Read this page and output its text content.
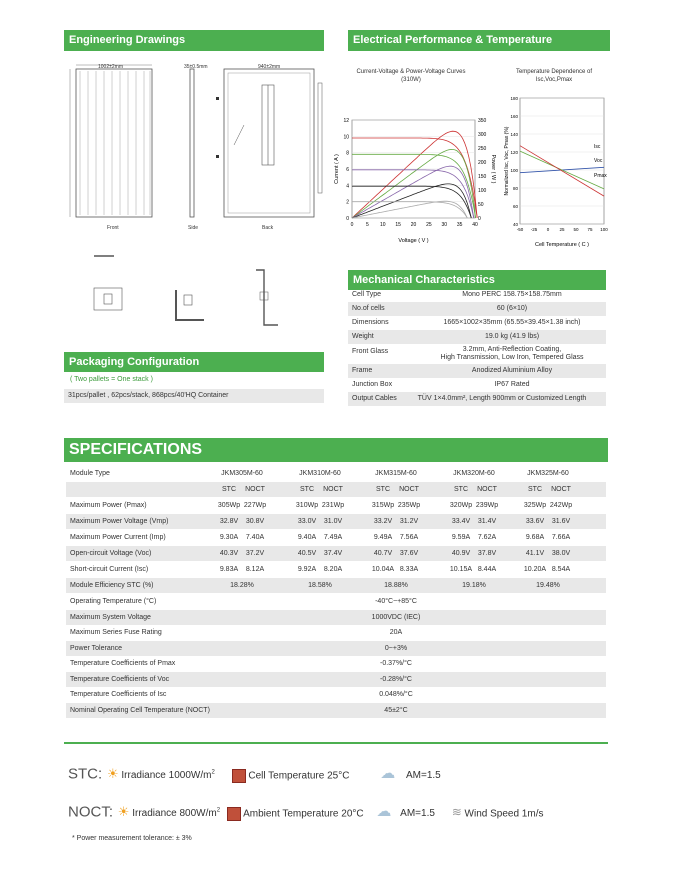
Engineering Drawings
1002±2mm	35±0.5mm	940±2mm
Front	Side	Back
Packaging Configuration
( Two pallets = One stack )
31pcs/pallet , 62pcs/stack, 868pcs/40'HQ Container
Electrical Performance & Temperature Dependence
Current-Voltage & Power-Voltage Curves (310W)
Temperature Dependence of Isc,Voc,Pmax
0
2
4
6
8
10
12
0
50
100
150
200
250
300
350
0	5 10 15 20 25 30 35 40
Voltage ( V )
Current ( A )	Power ( W )
40
60
80
100
120
140
160
180
-50 -25 0 25 50 75 100
Isc
Voc
Pmax
Cell Temperature ( C )
Normalized Isc, Voc, Pmax (%)
Mechanical Characteristics
Cell Type	Mono PERC 158.75×158.75mm
No.of cells	60 (6×10)
Dimensions	1665×1002×35mm (65.55×39.45×1.38 inch)
Weight	19.0 kg (41.9 lbs)
Front Glass	3.2mm, Anti-Reflection Coating,
High Transmission, Low Iron, Tempered Glass
Frame	Anodized Aluminium Alloy
Junction Box	IP67 Rated
Output Cables	TÜV 1×4.0mm², Length 900mm or Customized Length
SPECIFICATIONS
Module Type	JKM305M-60	JKM310M-60	JKM315M-60	JKM320M-60	JKM325M-60
STC	NOCT	STC	NOCT	STC	NOCT	STC	NOCT	STC	NOCT
STC: ☀ Irradiance $1000W/m^2$	Cell Temperature 25°C ☁ AM=1.5
NOCT: ☀ Irradiance $800W/m^2$ Ambient Temperature 20°C ☁ AM=1.5 ≋ Wind Speed 1m/s
* Power measurement tolerance: ± 3%
Maximum Power (Pmax)	305Wp 227Wp	310Wp 231Wp	315Wp 235Wp	320Wp 239Wp	325Wp 242Wp
Maximum Power Voltage (Vmp)	32.8V	30.8V	33.0V	31.0V	33.2V	31.2V	33.4V	31.4V	33.6V	31.6V
Maximum Power Current (Imp)	9.30A	7.40A	9.40A	7.49A	9.49A	7.56A	9.59A	7.62A	9.68A	7.66A
Open-circuit Voltage (Voc)	40.3V	37.2V	40.5V	37.4V	40.7V	37.6V	40.9V	37.8V	41.1V	38.0V
Short-circuit Current (Isc)	9.83A	8.12A	9.92A	8.20A	10.04A 8.33A	10.15A 8.44A	10.20A 8.54A
Module Efficiency STC (%)	18.28%	18.58%	18.88%	19.18%	19.48%
Operating Temperature (°C)	-40°C~+85°C
Maximum System Voltage	1000VDC (IEC)
Maximum Series Fuse Rating	20A
Power Tolerance	0~+3%
Temperature Coefficients of Pmax	-0.37%/°C
Temperature Coefficients of Voc	-0.28%/°C
Temperature Coefficients of Isc	0.048%/°C
Nominal Operating Cell Temperature (NOCT)	45±2°C
